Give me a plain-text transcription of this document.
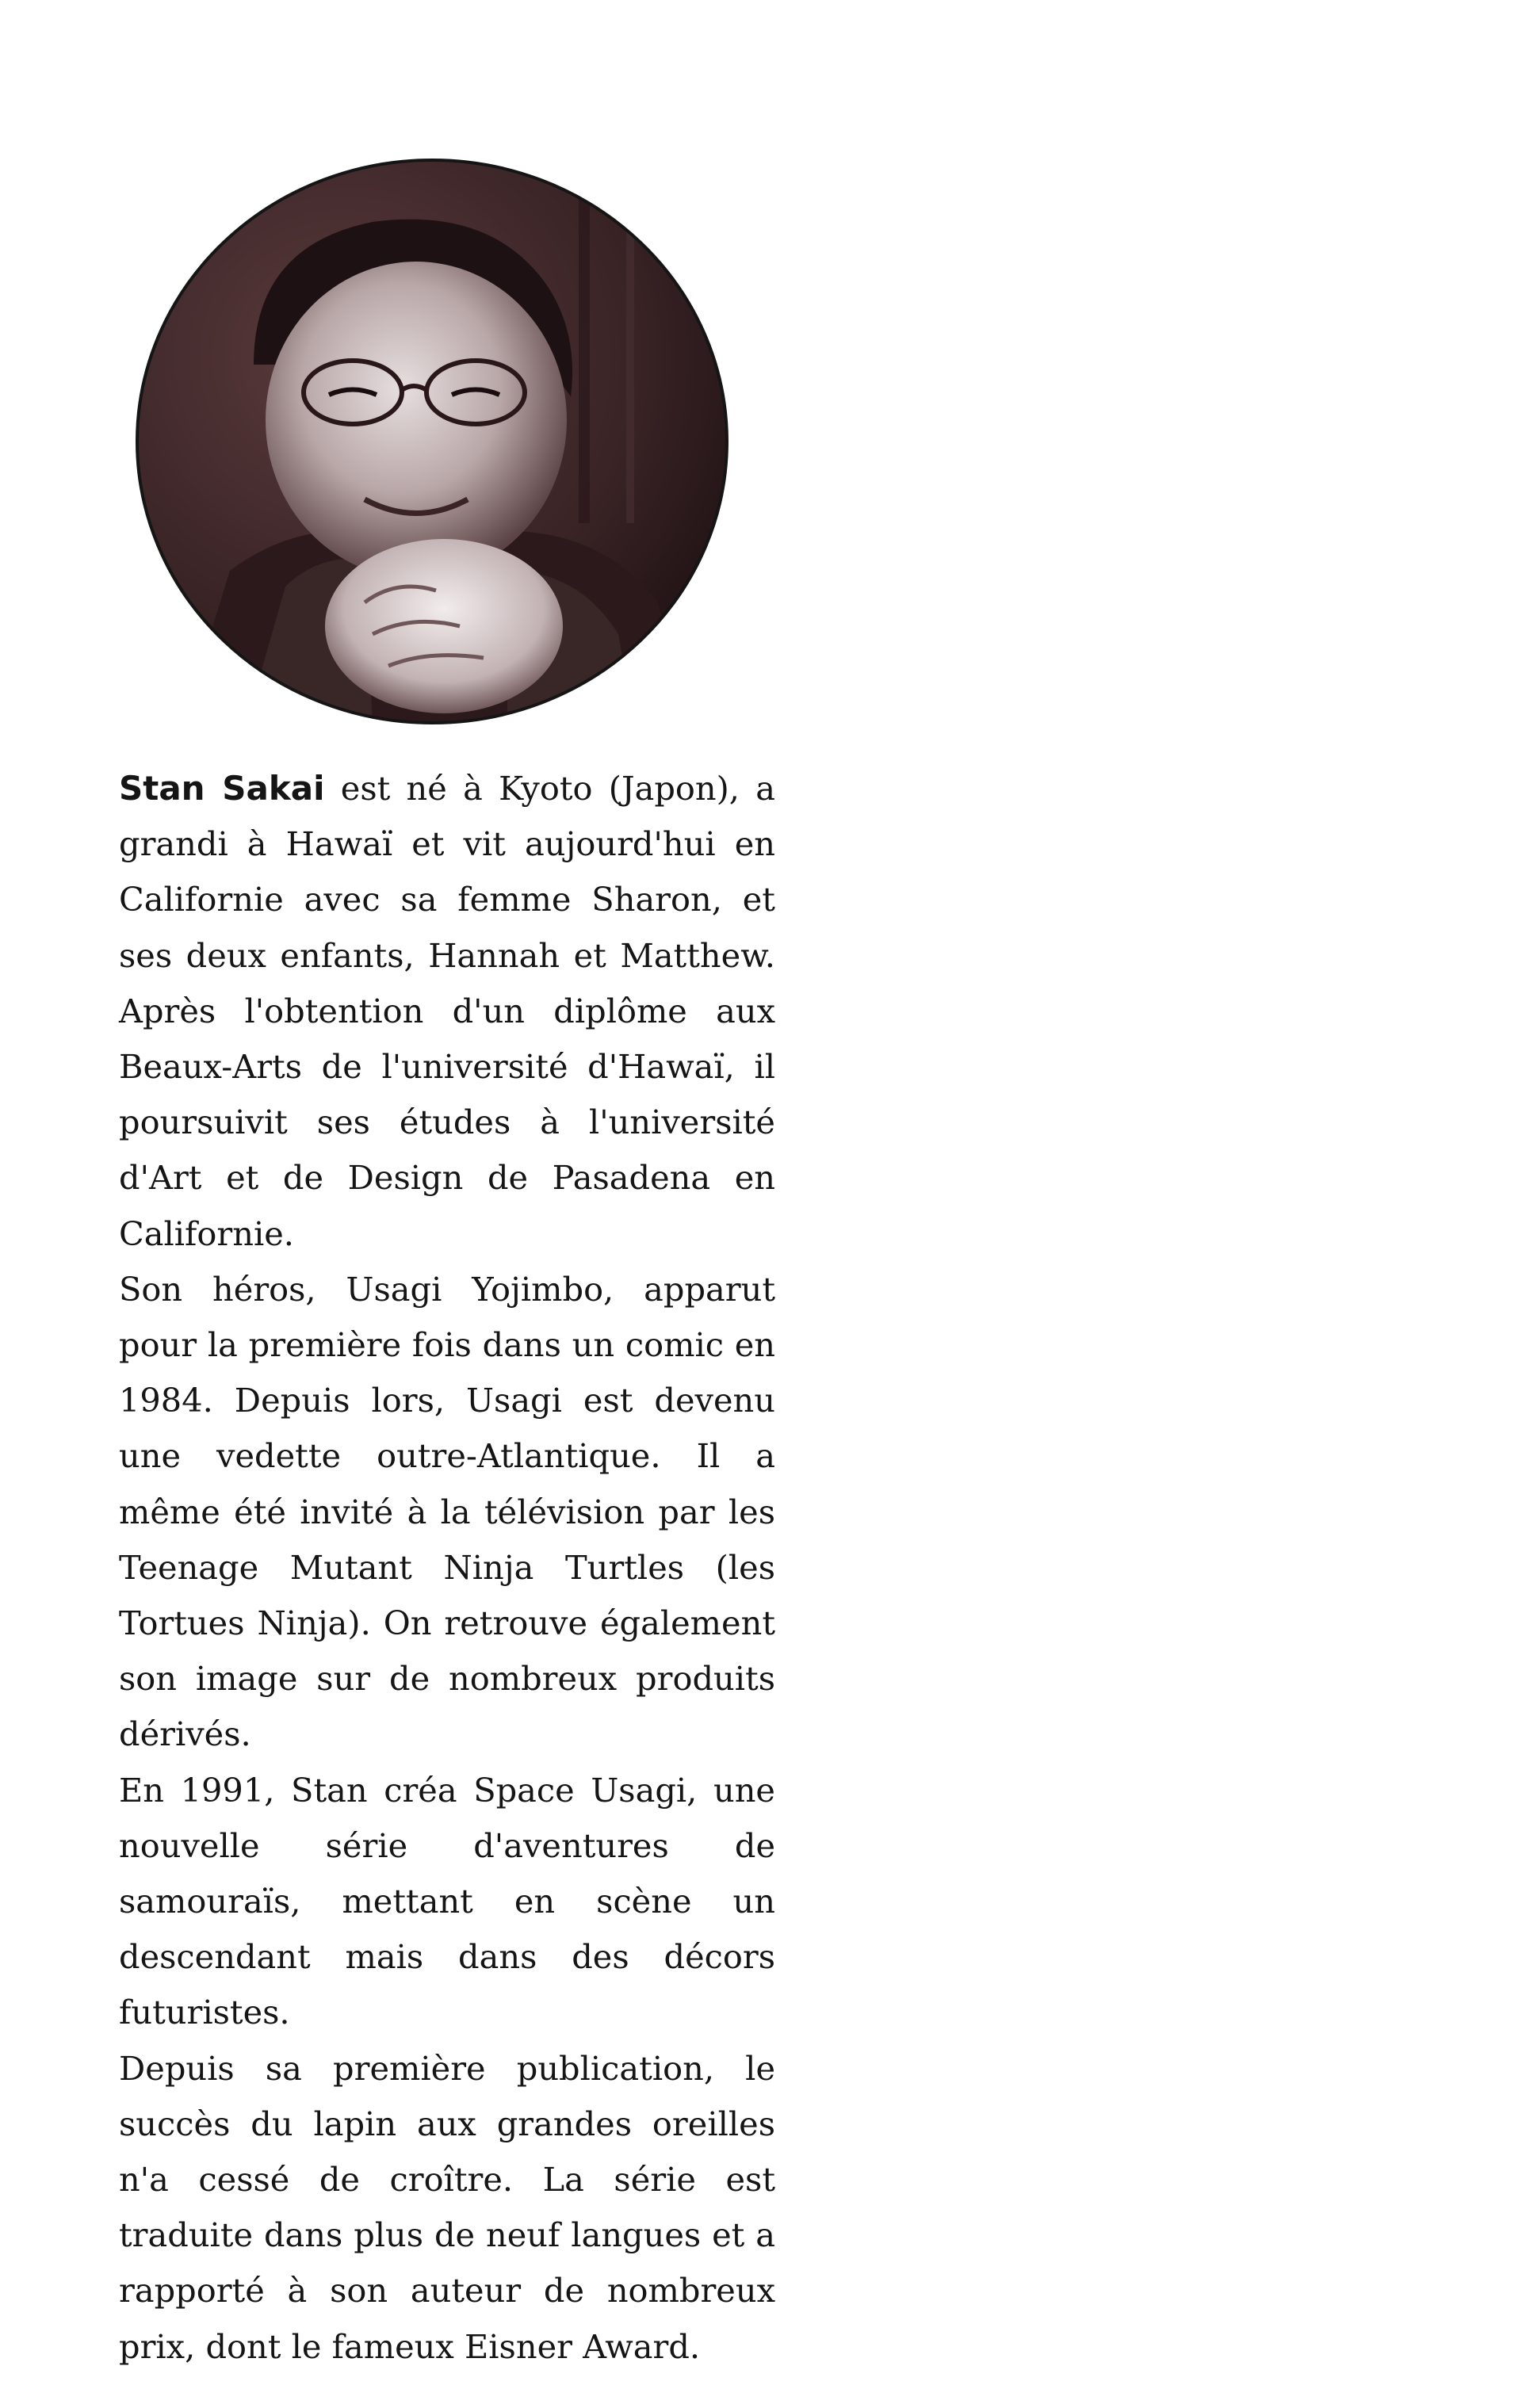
Stan Sakai est né à Kyoto (Japon), a grandi à Hawaï et vit aujourd'hui en Californie avec sa femme Sharon, et ses deux enfants, Hannah et Matthew. Après l'obtention d'un diplôme aux Beaux-Arts de l'université d'Hawaï, il poursuivit ses études à l'université d'Art et de Design de Pasadena en Californie.

Son héros, Usagi Yojimbo, apparut pour la première fois dans un comic en 1984. Depuis lors, Usagi est devenu une vedette outre-Atlantique. Il a même été invité à la télévision par les Teenage Mutant Ninja Turtles (les Tortues Ninja). On retrouve également son image sur de nombreux produits dérivés.

En 1991, Stan créa Space Usagi, une nouvelle série d'aventures de samouraïs, mettant en scène un descendant mais dans des décors futuristes.

Depuis sa première publication, le succès du lapin aux grandes oreilles n'a cessé de croître. La série est traduite dans plus de neuf langues et a rapporté à son auteur de nombreux prix, dont le fameux Eisner Award.
